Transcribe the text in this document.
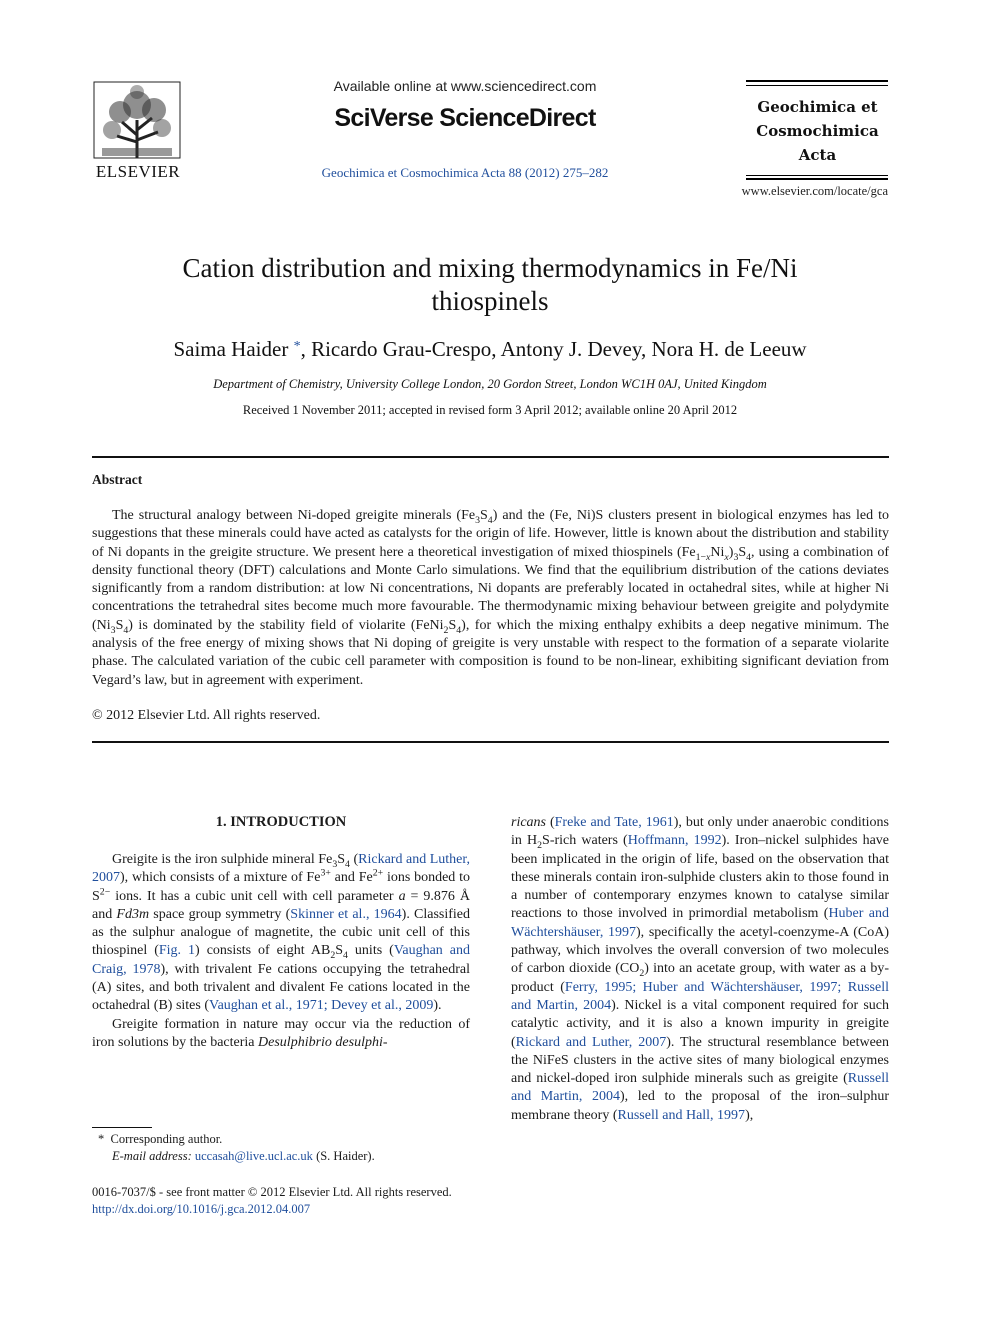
ELSEVIER
Available online at www.sciencedirect.com
SciVerse ScienceDirect
Geochimica et Cosmochimica Acta 88 (2012) 275–282
Geochimica et
Cosmochimica
Acta
www.elsevier.com/locate/gca
Cation distribution and mixing thermodynamics in Fe/Ni
thiospinels
Saima Haider *, Ricardo Grau-Crespo, Antony J. Devey, Nora H. de Leeuw
Department of Chemistry, University College London, 20 Gordon Street, London WC1H 0AJ, United Kingdom
Received 1 November 2011; accepted in revised form 3 April 2012; available online 20 April 2012
Abstract
The structural analogy between Ni-doped greigite minerals $(Fe_3S_4)$ and the (Fe, Ni)S clusters present in biological enzymes has led to suggestions that these minerals could have acted as catalysts for the origin of life. However, little is known about the distribution and stability of Ni dopants in the greigite structure. We present here a theoretical investigation of mixed thiospinels $(Fe_{1-x}Ni_x)_3S_4$, using a combination of density functional theory (DFT) calculations and Monte Carlo simulations. We find that the equilibrium distribution of the cations deviates significantly from a random distribution: at low Ni concentrations, Ni dopants are preferably located in octahedral sites, while at higher Ni concentrations the tetrahedral sites become much more favourable. The thermodynamic mixing behaviour between greigite and polydymite $(Ni_3S_4)$ is dominated by the stability field of violarite $(FeNi_2S_4)$, for which the mixing enthalpy exhibits a deep negative minimum. The analysis of the free energy of mixing shows that Ni doping of greigite is very unstable with respect to the formation of a separate violarite phase. The calculated variation of the cubic cell parameter with composition is found to be non-linear, exhibiting significant deviation from Vegard’s law, but in agreement with experiment.
© 2012 Elsevier Ltd. All rights reserved.
1. INTRODUCTION

Greigite is the iron sulphide mineral $Fe_3S_4$ (Rickard and Luther, 2007), which consists of a mixture of $Fe^{3+}$ and $Fe^{2+}$ ions bonded to $S^{2-}$ ions. It has a cubic unit cell with cell parameter a = 9.876 Å and Fd3m space group symmetry (Skinner et al., 1964). Classified as the sulphur analogue of magnetite, the cubic unit cell of this thiospinel (Fig. 1) consists of eight $AB_2S_4$ units (Vaughan and Craig, 1978), with trivalent Fe cations occupying the tetrahedral (A) sites, and both trivalent and divalent Fe cations located in the octahedral (B) sites (Vaughan et al., 1971; Devey et al., 2009).

Greigite formation in nature may occur via the reduction of iron solutions by the bacteria Desulphibrio desulphi-

ricans (Freke and Tate, 1961), but only under anaerobic conditions in $H_2S$-rich waters (Hoffmann, 1992). Iron–nickel sulphides have been implicated in the origin of life, based on the observation that these minerals contain iron-sulphide clusters akin to those found in a number of contemporary enzymes known to catalyse similar reactions to those involved in primordial metabolism (Huber and Wächtershäuser, 1997), specifically the acetyl-coenzyme-A (CoA) pathway, which involves the overall conversion of two molecules of carbon dioxide $(CO_2)$ into an acetate group, with water as a by-product (Ferry, 1995; Huber and Wächtershäuser, 1997; Russell and Martin, 2004). Nickel is a vital component required for such catalytic activity, and it is also a known impurity in greigite (Rickard and Luther, 2007). The structural resemblance between the NiFeS clusters in the active sites of many biological enzymes and nickel-doped iron sulphide minerals such as greigite (Russell and Martin, 2004), led to the proposal of the iron–sulphur membrane theory (Russell and Hall, 1997),

* Corresponding author.
E-mail address: uccasah@live.ucl.ac.uk (S. Haider).
0016-7037/$ - see front matter © 2012 Elsevier Ltd. All rights reserved.
http://dx.doi.org/10.1016/j.gca.2012.04.007
